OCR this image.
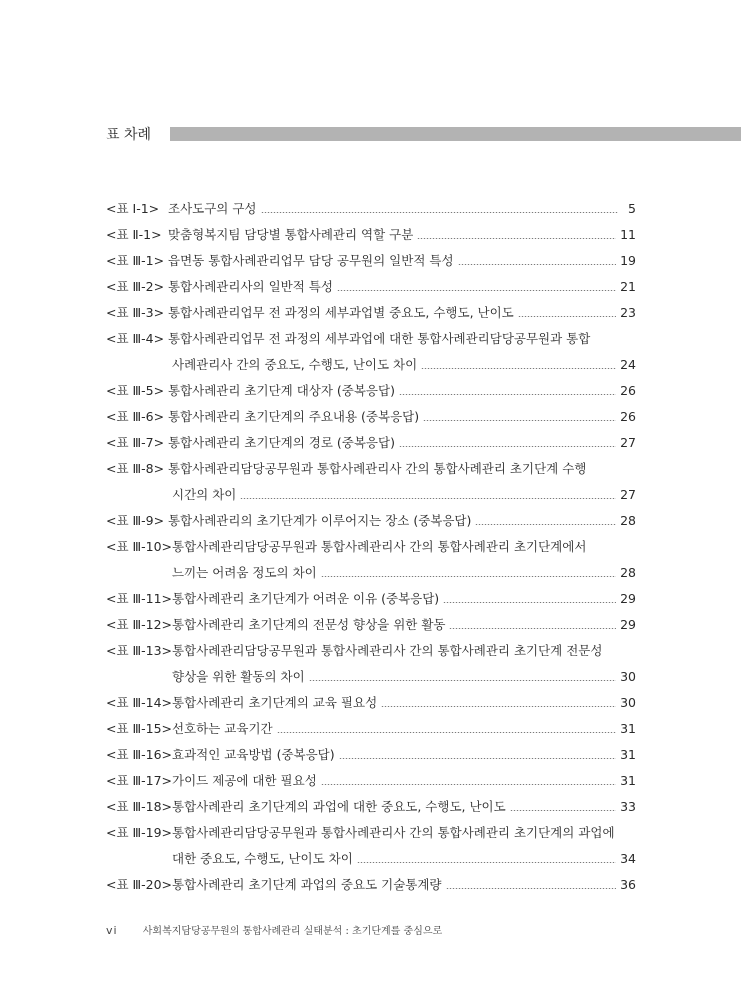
표 차례
<표 Ⅰ-1> 조사도구의 구성	5
<표 Ⅱ-1> 맞춤형복지팀 담당별 통합사례관리 역할 구분	11
<표 Ⅲ-1> 읍면동 통합사례관리업무 담당 공무원의 일반적 특성	19
<표 Ⅲ-2> 통합사례관리사의 일반적 특성	21
<표 Ⅲ-3> 통합사례관리업무 전 과정의 세부과업별 중요도, 수행도, 난이도	23
<표 Ⅲ-4> 통합사례관리업무 전 과정의 세부과업에 대한 통합사례관리담당공무원과 통합
사례관리사 간의 중요도, 수행도, 난이도 차이	24
<표 Ⅲ-5> 통합사례관리 초기단계 대상자 (중복응답)	26
<표 Ⅲ-6> 통합사례관리 초기단계의 주요내용 (중복응답)	26
<표 Ⅲ-7> 통합사례관리 초기단계의 경로 (중복응답)	27
<표 Ⅲ-8> 통합사례관리담당공무원과 통합사례관리사 간의 통합사례관리 초기단계 수행
시간의 차이	27
<표 Ⅲ-9> 통합사례관리의 초기단계가 이루어지는 장소 (중복응답)	28
<표 Ⅲ-10> 통합사례관리담당공무원과 통합사례관리사 간의 통합사례관리 초기단계에서
느끼는 어려움 정도의 차이	28
<표 Ⅲ-11> 통합사례관리 초기단계가 어려운 이유 (중복응답)	29
<표 Ⅲ-12> 통합사례관리 초기단계의 전문성 향상을 위한 활동	29
<표 Ⅲ-13> 통합사례관리담당공무원과 통합사례관리사 간의 통합사례관리 초기단계 전문성
향상을 위한 활동의 차이	30
<표 Ⅲ-14> 통합사례관리 초기단계의 교육 필요성	30
<표 Ⅲ-15> 선호하는 교육기간	31
<표 Ⅲ-16> 효과적인 교육방법 (중복응답)	31
<표 Ⅲ-17> 가이드 제공에 대한 필요성	31
<표 Ⅲ-18> 통합사례관리 초기단계의 과업에 대한 중요도, 수행도, 난이도	33
<표 Ⅲ-19> 통합사례관리담당공무원과 통합사례관리사 간의 통합사례관리 초기단계의 과업에
대한 중요도, 수행도, 난이도 차이	34
<표 Ⅲ-20> 통합사례관리 초기단계 과업의 중요도 기술통계량	36
vi	사회복지담당공무원의 통합사례관리 실태분석 : 초기단계를 중심으로
